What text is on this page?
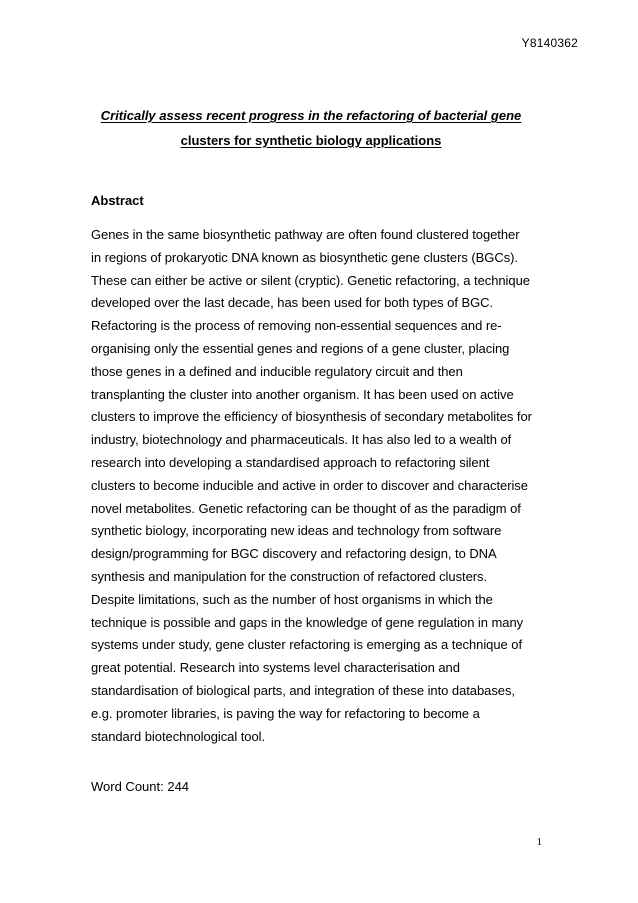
Y8140362
Critically assess recent progress in the refactoring of bacterial gene
clusters for synthetic biology applications
Abstract
Genes in the same biosynthetic pathway are often found clustered together
in regions of prokaryotic DNA known as biosynthetic gene clusters (BGCs).
These can either be active or silent (cryptic). Genetic refactoring, a technique
developed over the last decade, has been used for both types of BGC.
Refactoring is the process of removing non-essential sequences and re-
organising only the essential genes and regions of a gene cluster, placing
those genes in a defined and inducible regulatory circuit and then
transplanting the cluster into another organism. It has been used on active
clusters to improve the efficiency of biosynthesis of secondary metabolites for
industry, biotechnology and pharmaceuticals. It has also led to a wealth of
research into developing a standardised approach to refactoring silent
clusters to become inducible and active in order to discover and characterise
novel metabolites. Genetic refactoring can be thought of as the paradigm of
synthetic biology, incorporating new ideas and technology from software
design/programming for BGC discovery and refactoring design, to DNA
synthesis and manipulation for the construction of refactored clusters.
Despite limitations, such as the number of host organisms in which the
technique is possible and gaps in the knowledge of gene regulation in many
systems under study, gene cluster refactoring is emerging as a technique of
great potential. Research into systems level characterisation and
standardisation of biological parts, and integration of these into databases,
e.g. promoter libraries, is paving the way for refactoring to become a
standard biotechnological tool.
Word Count: 244
1
